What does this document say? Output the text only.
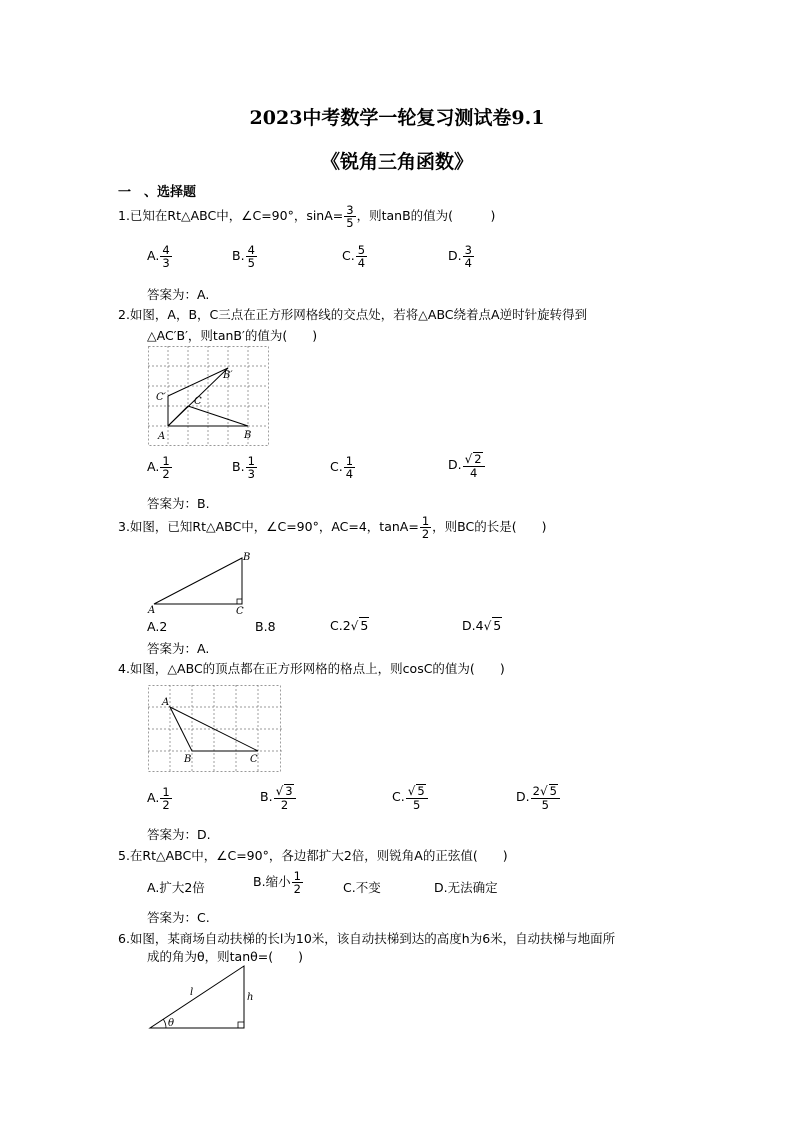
2023中考数学一轮复习测试卷9.1
《锐角三角函数》
一　、选择题
1.已知在Rt△ABC中，∠C=90°，$\sin A= \frac{3}{5}$ ，则tanB的值为(　　　)
A. $\frac{4}{3}$	B. $\frac{4}{5}$	C. $\frac{5}{4}$	D. $\frac{3}{4}$
答案为：A.
2.如图，A，B，C三点在正方形网格线的交点处，若将△ABC绕着点A逆时针旋转得到
△AC′B′，则tanB′的值为(　　)
A	B
C
C′
B′
A. $\frac{1}{2}$	B. $\frac{1}{3}$	C. $\frac{1}{4}$	D. $\frac{√ 2}{4}$
答案为：B.
3.如图，已知Rt△ABC中，∠C=90°，AC=4，$\tan A= \frac{1}{2}$ ，则BC的长是(　　)
A
B
C
A.2	B.8	C.2√ 5	D.4√ 5
答案为：A.
4.如图，△ABC的顶点都在正方形网格的格点上，则cosC的值为(　　)
A
B	C
A. $\frac{1}{2}$	B. $\frac{√ 3}{2}$	C. $\frac{√ 5}{5}$	D. $\frac{2√ 5}{5}$
答案为：D.
5.在Rt△ABC中，∠C=90°，各边都扩大2倍，则锐角A的正弦值(　　)
A.扩大2倍	B.缩小 $\frac{1}{2}$	C.不变	D.无法确定
答案为：C.
6.如图，某商场自动扶梯的长l为10米，该自动扶梯到达的高度h为6米，自动扶梯与地面所
成的角为θ，则tanθ=(　　)
l	h
θ
